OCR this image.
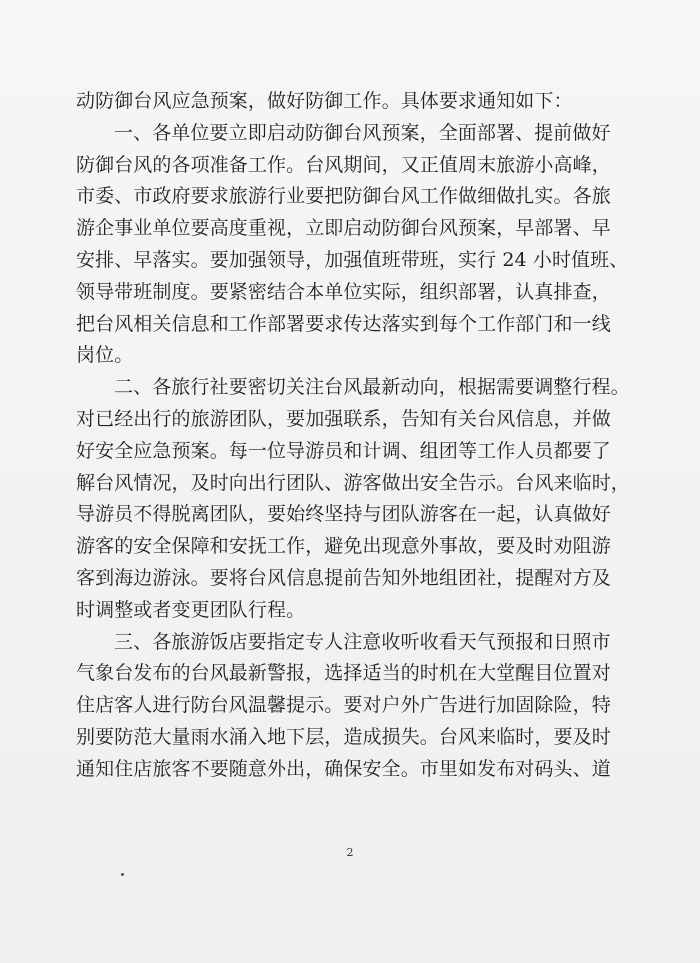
动防御台风应急预案，做好防御工作。具体要求通知如下：
一、各单位要立即启动防御台风预案，全面部署、提前做好
防御台风的各项准备工作。台风期间，又正值周末旅游小高峰，
市委、市政府要求旅游行业要把防御台风工作做细做扎实。各旅
游企事业单位要高度重视，立即启动防御台风预案，早部署、早
安排、早落实。要加强领导，加强值班带班，实行 24 小时值班、
领导带班制度。要紧密结合本单位实际，组织部署，认真排查，
把台风相关信息和工作部署要求传达落实到每个工作部门和一线
岗位。
二、各旅行社要密切关注台风最新动向，根据需要调整行程。
对已经出行的旅游团队，要加强联系，告知有关台风信息，并做
好安全应急预案。每一位导游员和计调、组团等工作人员都要了
解台风情况，及时向出行团队、游客做出安全告示。台风来临时，
导游员不得脱离团队，要始终坚持与团队游客在一起，认真做好
游客的安全保障和安抚工作，避免出现意外事故，要及时劝阻游
客到海边游泳。要将台风信息提前告知外地组团社，提醒对方及
时调整或者变更团队行程。
三、各旅游饭店要指定专人注意收听收看天气预报和日照市
气象台发布的台风最新警报，选择适当的时机在大堂醒目位置对
住店客人进行防台风温馨提示。要对户外广告进行加固除险，特
别要防范大量雨水涌入地下层，造成损失。台风来临时，要及时
通知住店旅客不要随意外出，确保安全。市里如发布对码头、道
2
